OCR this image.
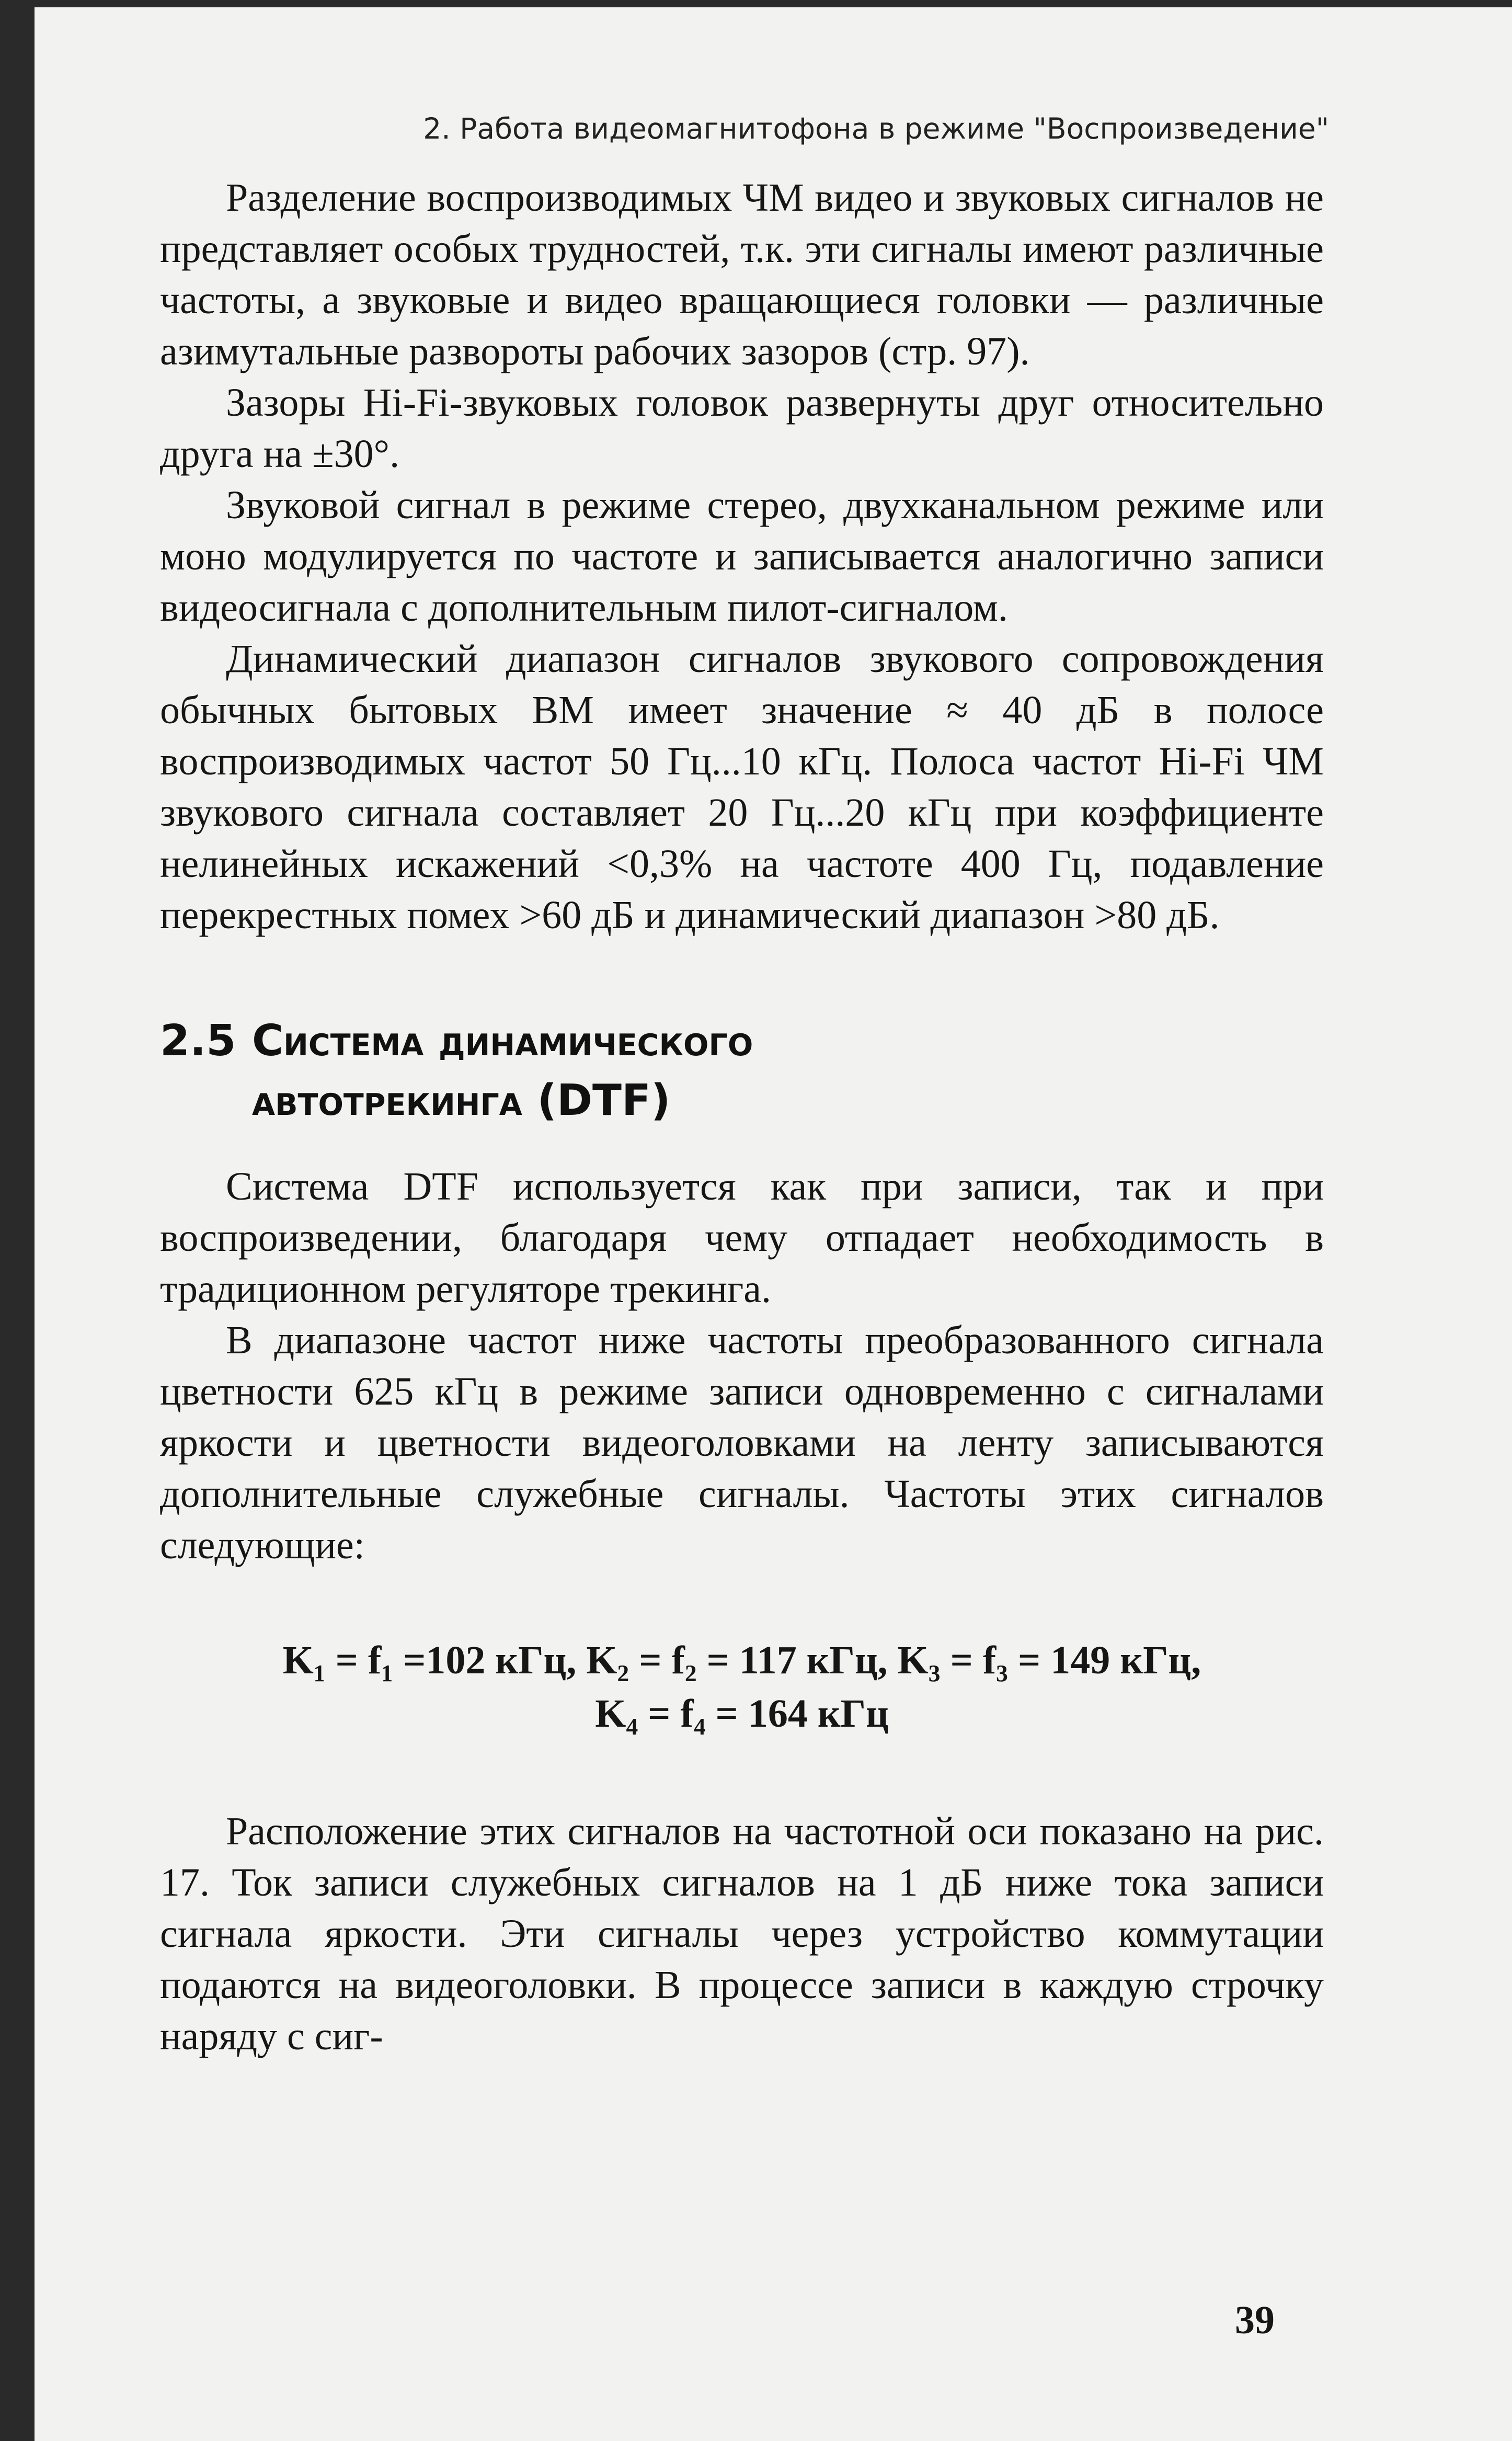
2. Работа видеомагнитофона в режиме "Воспроизведение"

Разделение воспроизводимых ЧМ видео и звуковых сигналов не представляет особых трудностей, т.к. эти сигналы имеют различные частоты, а звуковые и видео вращающиеся головки — различные азимутальные развороты рабочих зазоров (стр. 97).

Зазоры Hi-Fi-звуковых головок развернуты друг относительно друга на ±30°.

Звуковой сигнал в режиме стерео, двухканальном режиме или моно модулируется по частоте и записывается аналогично записи видеосигнала с дополнительным пилот-сигналом.

Динамический диапазон сигналов звукового сопровождения обычных бытовых ВМ имеет значение ≈ 40 дБ в полосе воспроизводимых частот 50 Гц...10 кГц. Полоса частот Hi-Fi ЧМ звукового сигнала составляет 20 Гц...20 кГц при коэффициенте нелинейных искажений <0,3% на частоте 400 Гц, подавление перекрестных помех >60 дБ и динамический диапазон >80 дБ.

2.5 Система динамического
автотрекинга (DTF)

Система DTF используется как при записи, так и при воспроизведении, благодаря чему отпадает необходимость в традиционном регуляторе трекинга.

В диапазоне частот ниже частоты преобразованного сигнала цветности 625 кГц в режиме записи одновременно с сигналами яркости и цветности видеоголовками на ленту записываются дополнительные служебные сигналы. Частоты этих сигналов следующие:

K₁ = f₁ =102 кГц, K₂ = f₂ = 117 кГц, K₃ = f₃ = 149 кГц,
K₄ = f₄ = 164 кГц

Расположение этих сигналов на частотной оси показано на рис. 17. Ток записи служебных сигналов на 1 дБ ниже тока записи сигнала яркости. Эти сигналы через устройство коммутации подаются на видеоголовки. В процессе записи в каждую строчку наряду с сиг-

39
